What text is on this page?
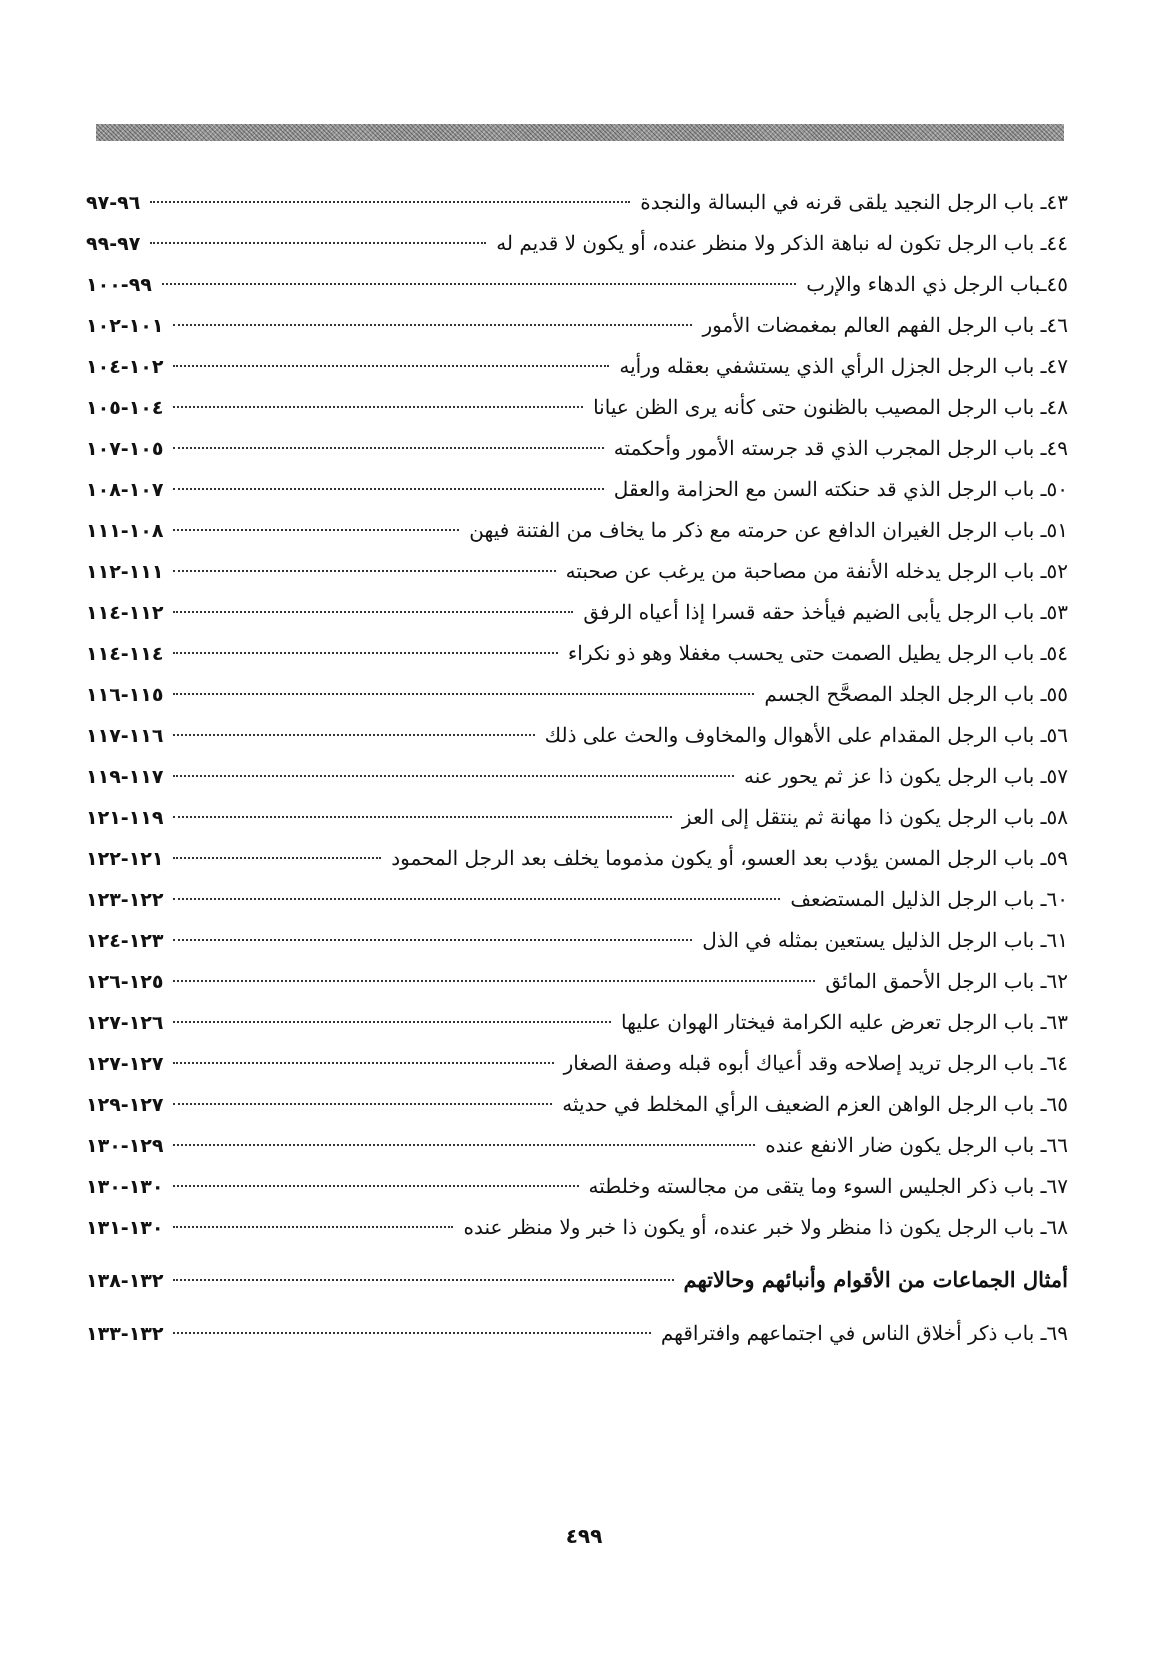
٤٣ـ باب الرجل النجيد يلقى قرنه في البسالة والنجدة
٩٦-٩٧
٤٤ـ باب الرجل تكون له نباهة الذكر ولا منظر عنده، أو يكون لا قديم له
٩٧-٩٩
٤٥ـباب الرجل ذي الدهاء والإرب
٩٩-١٠٠
٤٦ـ باب الرجل الفهم العالم بمغمضات الأمور
١٠١-١٠٢
٤٧ـ باب الرجل الجزل الرأي الذي يستشفي بعقله ورأيه
١٠٢-١٠٤
٤٨ـ باب الرجل المصيب بالظنون حتى كأنه يرى الظن عيانا
١٠٤-١٠٥
٤٩ـ باب الرجل المجرب الذي قد جرسته الأمور وأحكمته
١٠٥-١٠٧
٥٠ـ باب الرجل الذي قد حنكته السن مع الحزامة والعقل
١٠٧-١٠٨
٥١ـ باب الرجل الغيران الدافع عن حرمته مع ذكر ما يخاف من الفتنة فيهن
١٠٨-١١١
٥٢ـ باب الرجل يدخله الأنفة من مصاحبة من يرغب عن صحبته
١١١-١١٢
٥٣ـ باب الرجل يأبى الضيم فيأخذ حقه قسرا إذا أعياه الرفق
١١٢-١١٤
٥٤ـ باب الرجل يطيل الصمت حتى يحسب مغفلا وهو ذو نكراء
١١٤-١١٤
٥٥ـ باب الرجل الجلد المصحَّح الجسم
١١٥-١١٦
٥٦ـ باب الرجل المقدام على الأهوال والمخاوف والحث على ذلك
١١٦-١١٧
٥٧ـ باب الرجل يكون ذا عز ثم يحور عنه
١١٧-١١٩
٥٨ـ باب الرجل يكون ذا مهانة ثم ينتقل إلى العز
١١٩-١٢١
٥٩ـ باب الرجل المسن يؤدب بعد العسو، أو يكون مذموما يخلف بعد الرجل المحمود
١٢١-١٢٢
٦٠ـ باب الرجل الذليل المستضعف
١٢٢-١٢٣
٦١ـ باب الرجل الذليل يستعين بمثله في الذل
١٢٣-١٢٤
٦٢ـ باب الرجل الأحمق المائق
١٢٥-١٢٦
٦٣ـ باب الرجل تعرض عليه الكرامة فيختار الهوان عليها
١٢٦-١٢٧
٦٤ـ باب الرجل تريد إصلاحه وقد أعياك أبوه قبله وصفة الصغار
١٢٧-١٢٧
٦٥ـ باب الرجل الواهن العزم الضعيف الرأي المخلط في حديثه
١٢٧-١٢٩
٦٦ـ باب الرجل يكون ضار الانفع عنده
١٢٩-١٣٠
٦٧ـ باب ذكر الجليس السوء وما يتقى من مجالسته وخلطته
١٣٠-١٣٠
٦٨ـ باب الرجل يكون ذا منظر ولا خبر عنده، أو يكون ذا خبر ولا منظر عنده
١٣٠-١٣١
أمثال الجماعات من الأقوام وأنبائهم وحالاتهم
١٣٢-١٣٨
٦٩ـ باب ذكر أخلاق الناس في اجتماعهم وافتراقهم
١٣٢-١٣٣
٤٩٩
